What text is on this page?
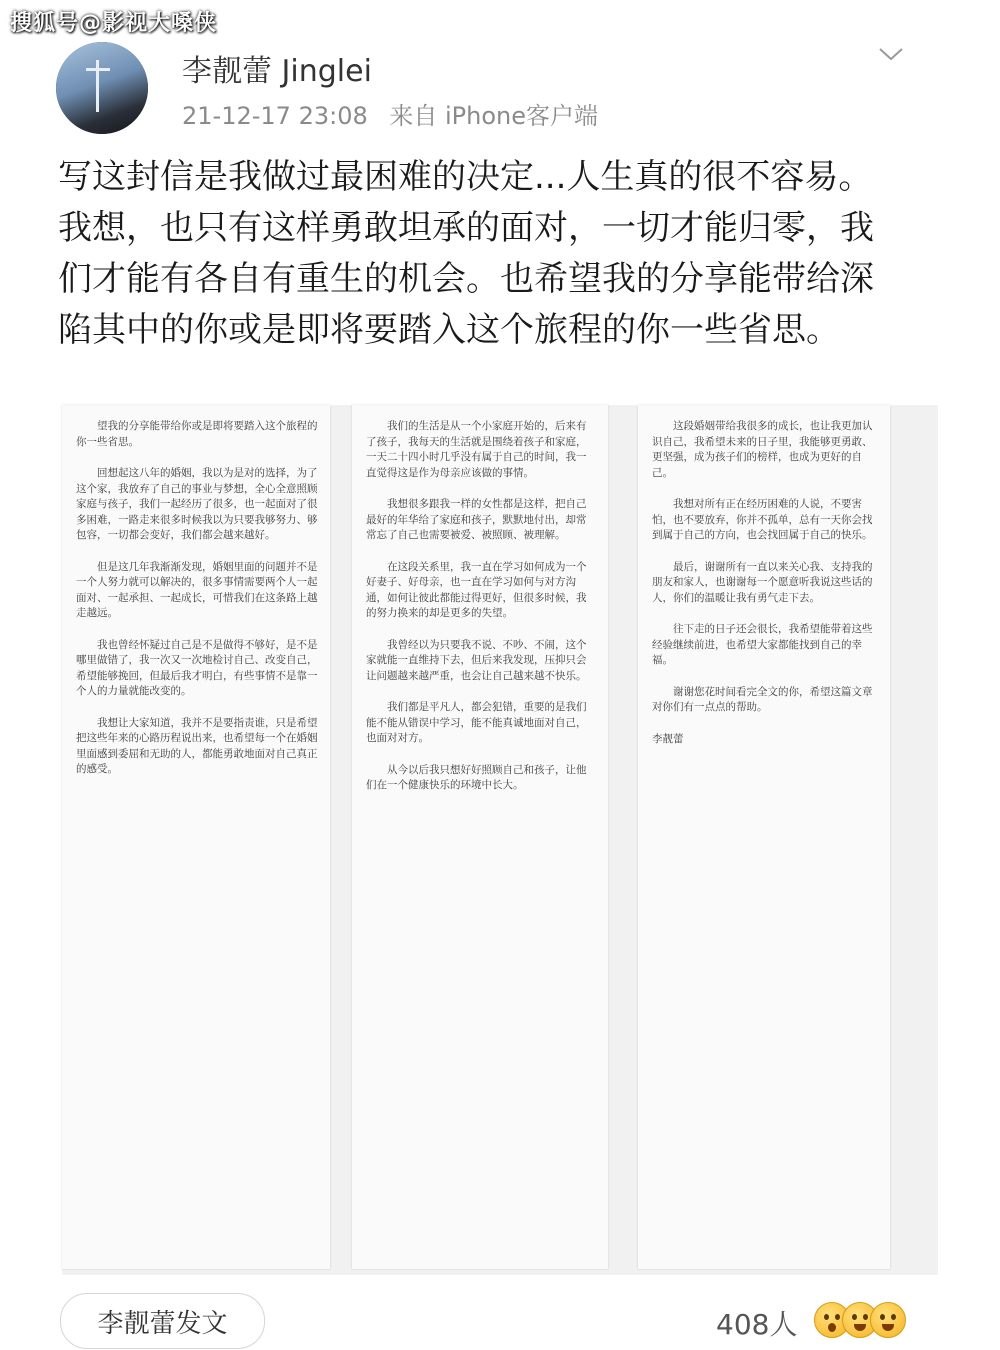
搜狐号@影视大嗓侠
李靓蕾 Jinglei
21-12-17 23:08 来自 iPhone客户端
写这封信是我做过最困难的决定...人生真的很不容易。我想，也只有这样勇敢坦承的面对，一切才能归零，我们才能有各自有重生的机会。也希望我的分享能带给深陷其中的你或是即将要踏入这个旅程的你一些省思。

望我的分享能带给你或是即将要踏入这个旅程的你一些省思。

回想起这八年的婚姻，我以为是对的选择，为了这个家，我放弃了自己的事业与梦想，全心全意照顾家庭与孩子，我们一起经历了很多，也一起面对了很多困难，一路走来很多时候我以为只要我够努力、够包容，一切都会变好，我们都会越来越好。

但是这几年我渐渐发现，婚姻里面的问题并不是一个人努力就可以解决的，很多事情需要两个人一起面对、一起承担、一起成长，可惜我们在这条路上越走越远。

我也曾经怀疑过自己是不是做得不够好，是不是哪里做错了，我一次又一次地检讨自己、改变自己，希望能够挽回，但最后我才明白，有些事情不是靠一个人的力量就能改变的。

我想让大家知道，我并不是要指责谁，只是希望把这些年来的心路历程说出来，也希望每一个在婚姻里面感到委屈和无助的人，都能勇敢地面对自己真正的感受。

我们的生活是从一个小家庭开始的，后来有了孩子，我每天的生活就是围绕着孩子和家庭，一天二十四小时几乎没有属于自己的时间，我一直觉得这是作为母亲应该做的事情。

我想很多跟我一样的女性都是这样，把自己最好的年华给了家庭和孩子，默默地付出，却常常忘了自己也需要被爱、被照顾、被理解。

在这段关系里，我一直在学习如何成为一个好妻子、好母亲，也一直在学习如何与对方沟通，如何让彼此都能过得更好，但很多时候，我的努力换来的却是更多的失望。

我曾经以为只要我不说、不吵、不闹，这个家就能一直维持下去，但后来我发现，压抑只会让问题越来越严重，也会让自己越来越不快乐。

我们都是平凡人，都会犯错，重要的是我们能不能从错误中学习，能不能真诚地面对自己，也面对对方。

从今以后我只想好好照顾自己和孩子，让他们在一个健康快乐的环境中长大。

这段婚姻带给我很多的成长，也让我更加认识自己，我希望未来的日子里，我能够更勇敢、更坚强，成为孩子们的榜样，也成为更好的自己。

我想对所有正在经历困难的人说，不要害怕，也不要放弃，你并不孤单，总有一天你会找到属于自己的方向，也会找回属于自己的快乐。

最后，谢谢所有一直以来关心我、支持我的朋友和家人，也谢谢每一个愿意听我说这些话的人，你们的温暖让我有勇气走下去。

往下走的日子还会很长，我希望能带着这些经验继续前进，也希望大家都能找到自己的幸福。

谢谢您花时间看完全文的你，希望这篇文章对你们有一点点的帮助。

李靓蕾

李靓蕾发文	408人
